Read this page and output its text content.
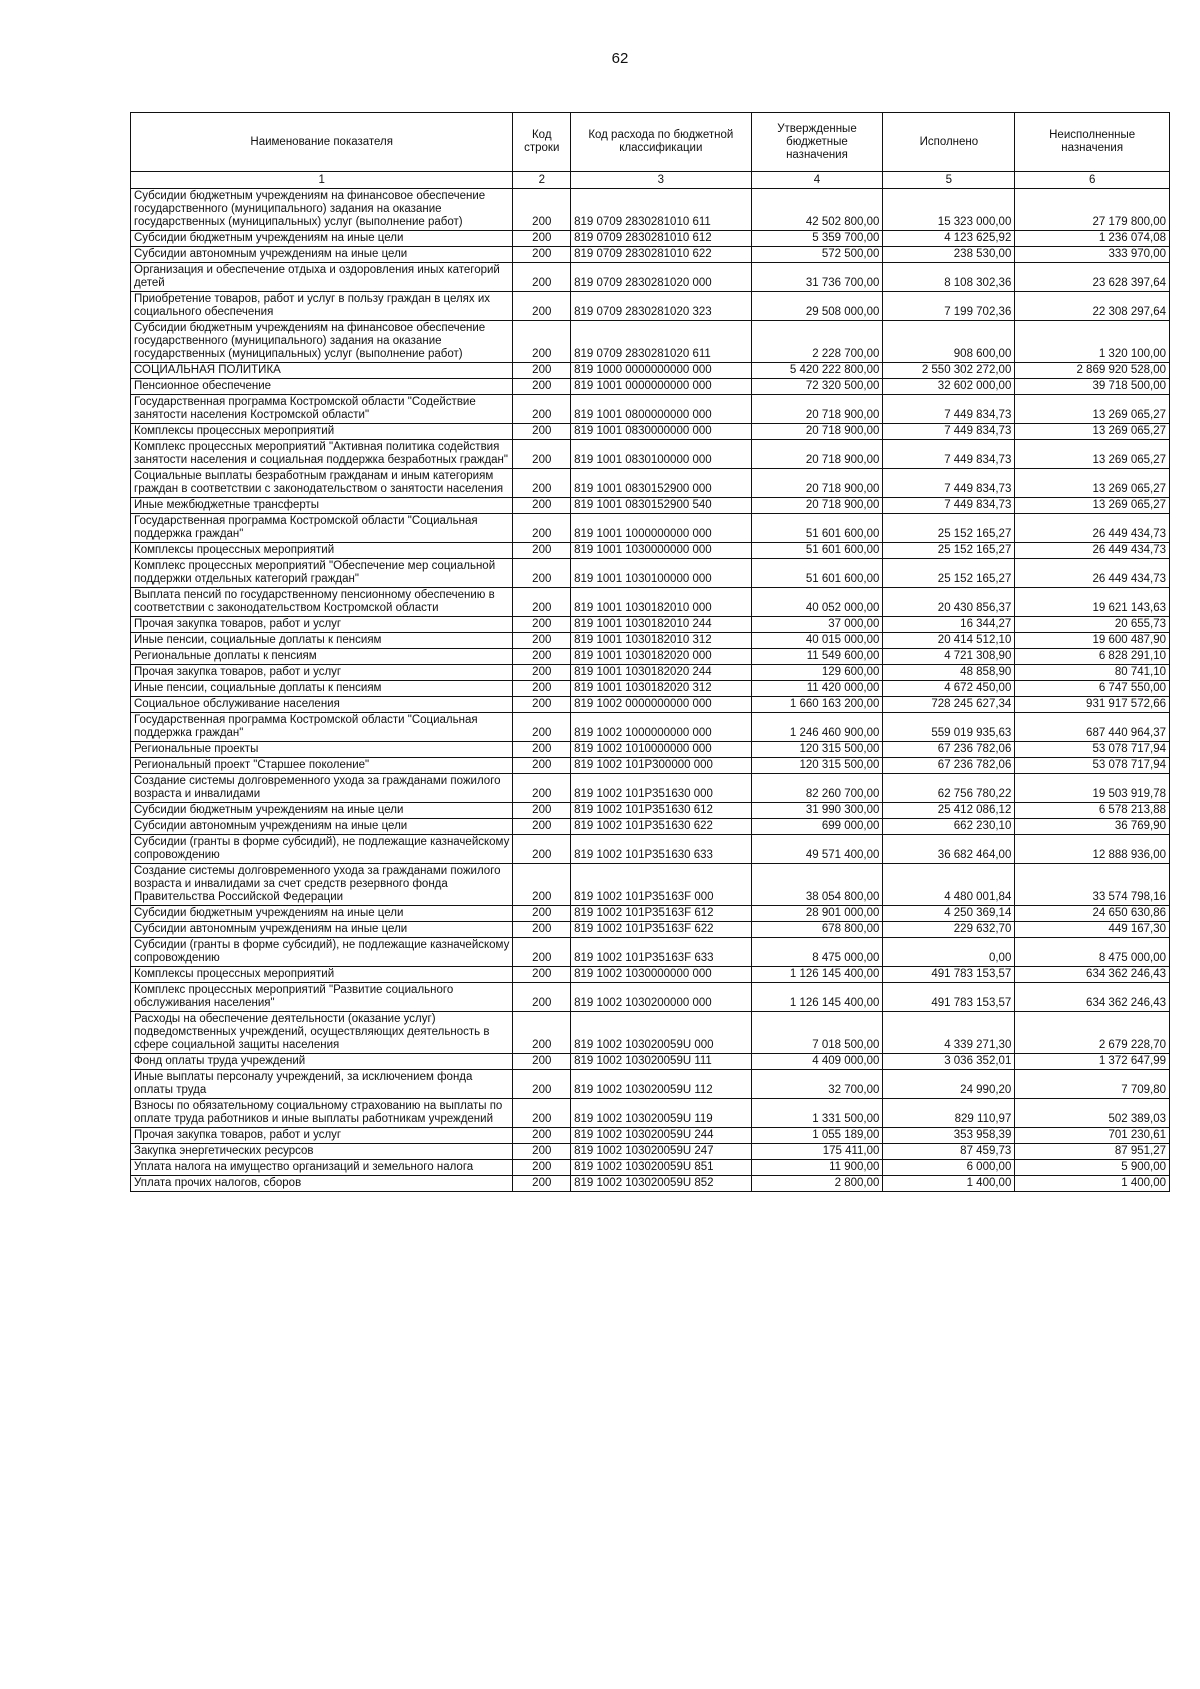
62
Наименование показателя	Код строки	Код расхода по бюджетной классификации	Утвержденные бюджетные назначения	Исполнено	Неисполненные назначения
1	2	3	4	5	6
Субсидии бюджетным учреждениям на финансовое обеспечение государственного (муниципального) задания на оказание государственных (муниципальных) услуг (выполнение работ)	200	819 0709 2830281010 611	42 502 800,00	15 323 000,00	27 179 800,00
Субсидии бюджетным учреждениям на иные цели	200	819 0709 2830281010 612	5 359 700,00	4 123 625,92	1 236 074,08
Субсидии автономным учреждениям на иные цели	200	819 0709 2830281010 622	572 500,00	238 530,00	333 970,00
Организация и обеспечение отдыха и оздоровления иных категорий детей	200	819 0709 2830281020 000	31 736 700,00	8 108 302,36	23 628 397,64
Приобретение товаров, работ и услуг в пользу граждан в целях их социального обеспечения	200	819 0709 2830281020 323	29 508 000,00	7 199 702,36	22 308 297,64
Субсидии бюджетным учреждениям на финансовое обеспечение государственного (муниципального) задания на оказание государственных (муниципальных) услуг (выполнение работ)	200	819 0709 2830281020 611	2 228 700,00	908 600,00	1 320 100,00
СОЦИАЛЬНАЯ ПОЛИТИКА	200	819 1000 0000000000 000	5 420 222 800,00	2 550 302 272,00	2 869 920 528,00
Пенсионное обеспечение	200	819 1001 0000000000 000	72 320 500,00	32 602 000,00	39 718 500,00
Государственная программа Костромской области "Содействие занятости населения Костромской области"	200	819 1001 0800000000 000	20 718 900,00	7 449 834,73	13 269 065,27
Комплексы процессных мероприятий	200	819 1001 0830000000 000	20 718 900,00	7 449 834,73	13 269 065,27
Комплекс процессных мероприятий "Активная политика содействия занятости населения и социальная поддержка безработных граждан"	200	819 1001 0830100000 000	20 718 900,00	7 449 834,73	13 269 065,27
Социальные выплаты безработным гражданам и иным категориям граждан в соответствии с законодательством о занятости населения	200	819 1001 0830152900 000	20 718 900,00	7 449 834,73	13 269 065,27
Иные межбюджетные трансферты	200	819 1001 0830152900 540	20 718 900,00	7 449 834,73	13 269 065,27
Государственная программа Костромской области "Социальная поддержка граждан"	200	819 1001 1000000000 000	51 601 600,00	25 152 165,27	26 449 434,73
Комплексы процессных мероприятий	200	819 1001 1030000000 000	51 601 600,00	25 152 165,27	26 449 434,73
Комплекс процессных мероприятий "Обеспечение мер социальной поддержки отдельных категорий граждан"	200	819 1001 1030100000 000	51 601 600,00	25 152 165,27	26 449 434,73
Выплата пенсий по государственному пенсионному обеспечению в соответствии с законодательством Костромской области	200	819 1001 1030182010 000	40 052 000,00	20 430 856,37	19 621 143,63
Прочая закупка товаров, работ и услуг	200	819 1001 1030182010 244	37 000,00	16 344,27	20 655,73
Иные пенсии, социальные доплаты к пенсиям	200	819 1001 1030182010 312	40 015 000,00	20 414 512,10	19 600 487,90
Региональные доплаты к пенсиям	200	819 1001 1030182020 000	11 549 600,00	4 721 308,90	6 828 291,10
Прочая закупка товаров, работ и услуг	200	819 1001 1030182020 244	129 600,00	48 858,90	80 741,10
Иные пенсии, социальные доплаты к пенсиям	200	819 1001 1030182020 312	11 420 000,00	4 672 450,00	6 747 550,00
Социальное обслуживание населения	200	819 1002 0000000000 000	1 660 163 200,00	728 245 627,34	931 917 572,66
Государственная программа Костромской области "Социальная поддержка граждан"	200	819 1002 1000000000 000	1 246 460 900,00	559 019 935,63	687 440 964,37
Региональные проекты	200	819 1002 1010000000 000	120 315 500,00	67 236 782,06	53 078 717,94
Региональный проект "Старшее поколение"	200	819 1002 101P300000 000	120 315 500,00	67 236 782,06	53 078 717,94
Создание системы долговременного ухода за гражданами пожилого возраста и инвалидами	200	819 1002 101P351630 000	82 260 700,00	62 756 780,22	19 503 919,78
Субсидии бюджетным учреждениям на иные цели	200	819 1002 101P351630 612	31 990 300,00	25 412 086,12	6 578 213,88
Субсидии автономным учреждениям на иные цели	200	819 1002 101P351630 622	699 000,00	662 230,10	36 769,90
Субсидии (гранты в форме субсидий), не подлежащие казначейскому сопровождению	200	819 1002 101P351630 633	49 571 400,00	36 682 464,00	12 888 936,00
Создание системы долговременного ухода за гражданами пожилого возраста и инвалидами за счет средств резервного фонда Правительства Российской Федерации	200	819 1002 101P35163F 000	38 054 800,00	4 480 001,84	33 574 798,16
Субсидии бюджетным учреждениям на иные цели	200	819 1002 101P35163F 612	28 901 000,00	4 250 369,14	24 650 630,86
Субсидии автономным учреждениям на иные цели	200	819 1002 101P35163F 622	678 800,00	229 632,70	449 167,30
Субсидии (гранты в форме субсидий), не подлежащие казначейскому сопровождению	200	819 1002 101P35163F 633	8 475 000,00	0,00	8 475 000,00
Комплексы процессных мероприятий	200	819 1002 1030000000 000	1 126 145 400,00	491 783 153,57	634 362 246,43
Комплекс процессных мероприятий "Развитие социального обслуживания населения"	200	819 1002 1030200000 000	1 126 145 400,00	491 783 153,57	634 362 246,43
Расходы на обеспечение деятельности (оказание услуг) подведомственных учреждений, осуществляющих деятельность в сфере социальной защиты населения	200	819 1002 103020059U 000	7 018 500,00	4 339 271,30	2 679 228,70
Фонд оплаты труда учреждений	200	819 1002 103020059U 111	4 409 000,00	3 036 352,01	1 372 647,99
Иные выплаты персоналу учреждений, за исключением фонда оплаты труда	200	819 1002 103020059U 112	32 700,00	24 990,20	7 709,80
Взносы по обязательному социальному страхованию на выплаты по оплате труда работников и иные выплаты работникам учреждений	200	819 1002 103020059U 119	1 331 500,00	829 110,97	502 389,03
Прочая закупка товаров, работ и услуг	200	819 1002 103020059U 244	1 055 189,00	353 958,39	701 230,61
Закупка энергетических ресурсов	200	819 1002 103020059U 247	175 411,00	87 459,73	87 951,27
Уплата налога на имущество организаций и земельного налога	200	819 1002 103020059U 851	11 900,00	6 000,00	5 900,00
Уплата прочих налогов, сборов	200	819 1002 103020059U 852	2 800,00	1 400,00	1 400,00
